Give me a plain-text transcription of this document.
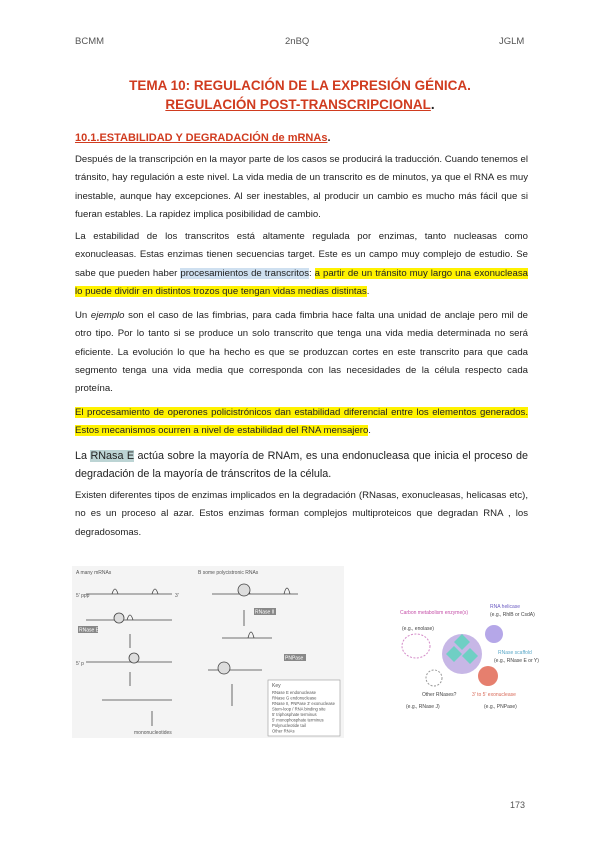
BCMM	2nBQ	JGLM
TEMA 10: REGULACIÓN DE LA EXPRESIÓN GÉNICA.
REGULACIÓN POST-TRANSCRIPCIONAL.
10.1.ESTABILIDAD Y DEGRADACIÓN de mRNAs.

Después de la transcripción en la mayor parte de los casos se producirá la traducción. Cuando tenemos el tránsito, hay regulación a este nivel. La vida media de un transcrito es de minutos, ya que el RNA es muy inestable, aunque hay excepciones. Al ser inestables, al producir un cambio es mucho más fácil que si fueran estables. La rapidez implica posibilidad de cambio.

La estabilidad de los transcritos está altamente regulada por enzimas, tanto nucleasas como exonucleasas. Estas enzimas tienen secuencias target. Este es un campo muy complejo de estudio. Se sabe que pueden haber procesamientos de transcritos: a partir de un tránsito muy largo una exonucleasa lo puede dividir en distintos trozos que tengan vidas medias distintas.

Un ejemplo son el caso de las fimbrias, para cada fimbria hace falta una unidad de anclaje pero mil de otro tipo. Por lo tanto si se produce un solo transcrito que tenga una vida media determinada no será eficiente. La evolución lo que ha hecho es que se produzcan cortes en este transcrito para que cada segmento tenga una vida media que corresponda con las necesidades de la célula respecto cada proteína.

El procesamiento de operones policistrónicos dan estabilidad diferencial entre los elementos generados. Estos mecanismos ocurren a nivel de estabilidad del RNA mensajero.

La RNasa E actúa sobre la mayoría de RNAm, es una endonucleasa que inicia el proceso de degradación de la mayoría de tránscritos de la célula.

Existen diferentes tipos de enzimas implicados en la degradación (RNasas, exonucleasas, helicasas etc), no es un proceso al azar. Estos enzimas forman complejos multiproteicos que degradan RNA , los degradosomas.

A many mRNAs	B some polycistronic RNAs
RNase E
5' ppp	3'
5' p
mononucleotides
RNase II
PNPase
Key
RNase E endonuclease
RNase G endonuclease
RNase II, PNPase 3' exonuclease
Stem-loop / RNA binding site
5' triphosphate terminus
5' monophosphate terminus
Polynucleotide tail
Other RNAs
Carbon metabolism enzyme(s)
(e.g., enolase)
RNA helicase
(e.g., RhlB or CsdA)
RNase scaffold
(e.g., RNase E or Y)
Other RNases?
(e.g., RNase J)
3' to 5' exonuclease
(e.g., PNPase)
173
